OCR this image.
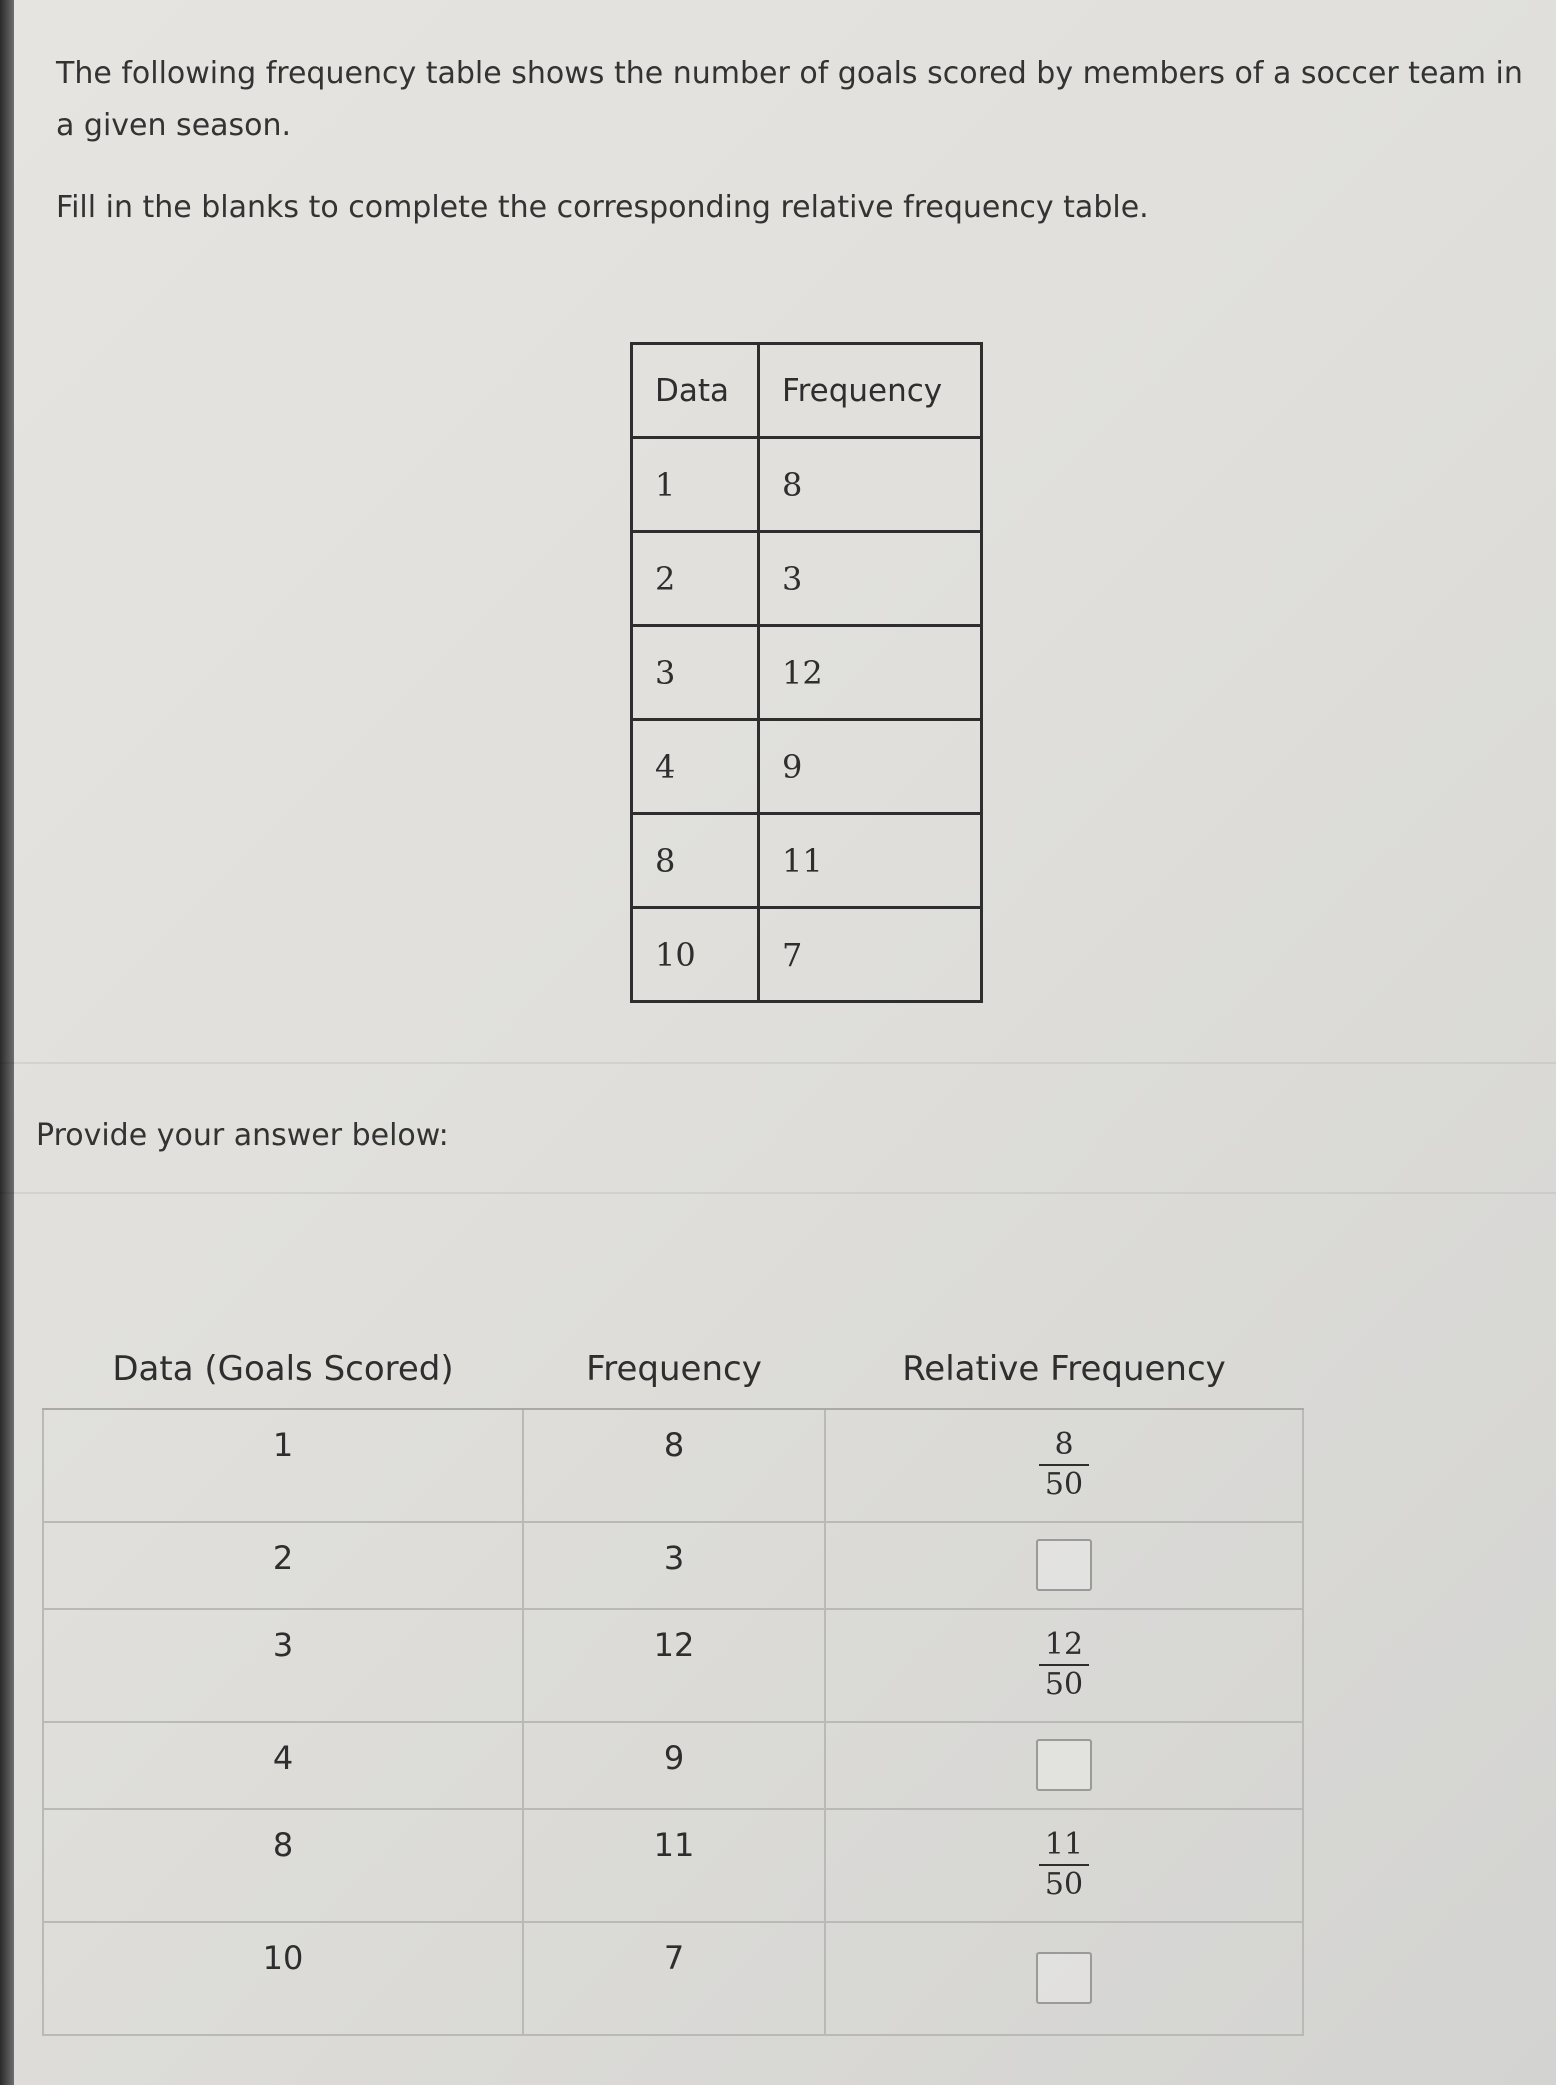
The following frequency table shows the number of goals scored by members of a soccer team in a given season.

Fill in the blanks to complete the corresponding relative frequency table.

Data	Frequency
1	8
2	3
3	12
4	9
8	11
10	7
Provide your answer below:
Data (Goals Scored)	Frequency	Relative Frequency
1	8	$\frac{8}{50}$

2	3	
3	12	$\frac{12}{50}$

4	9	
8	11	$\frac{11}{50}$

10	7	
